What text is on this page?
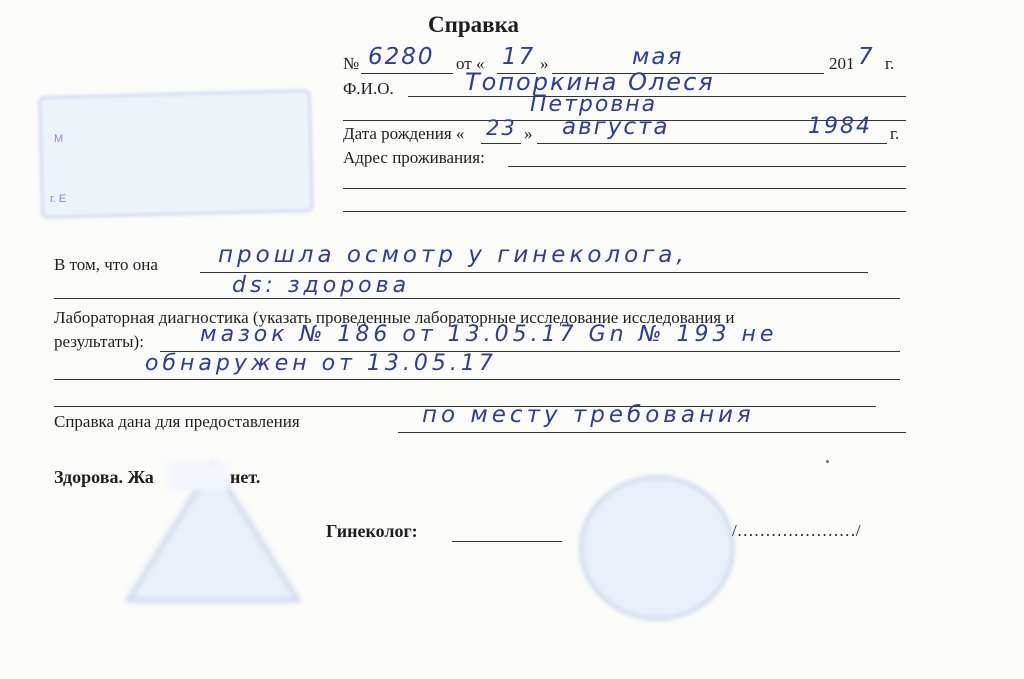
М
г. Е
Справка
№ 6280 от « 17 »	мая	201 7 г.
Ф.И.О.	Топоркина Олеся
Петровна
Дата рождения « 23 » августа	1984 г.
Адрес проживания:
В том, что она	прошла осмотр у гинеколога,
ds: здорова
Лабораторная диагностика (указать проведенные лабораторные исследование исследования и
результаты):	мазок № 186 от 13.05.17 Gn № 193 не
обнаружен от 13.05.17
Справка дана для предоставления	по месту требования
Здорова. Жа	нет.
Гинеколог:	/…………………/
